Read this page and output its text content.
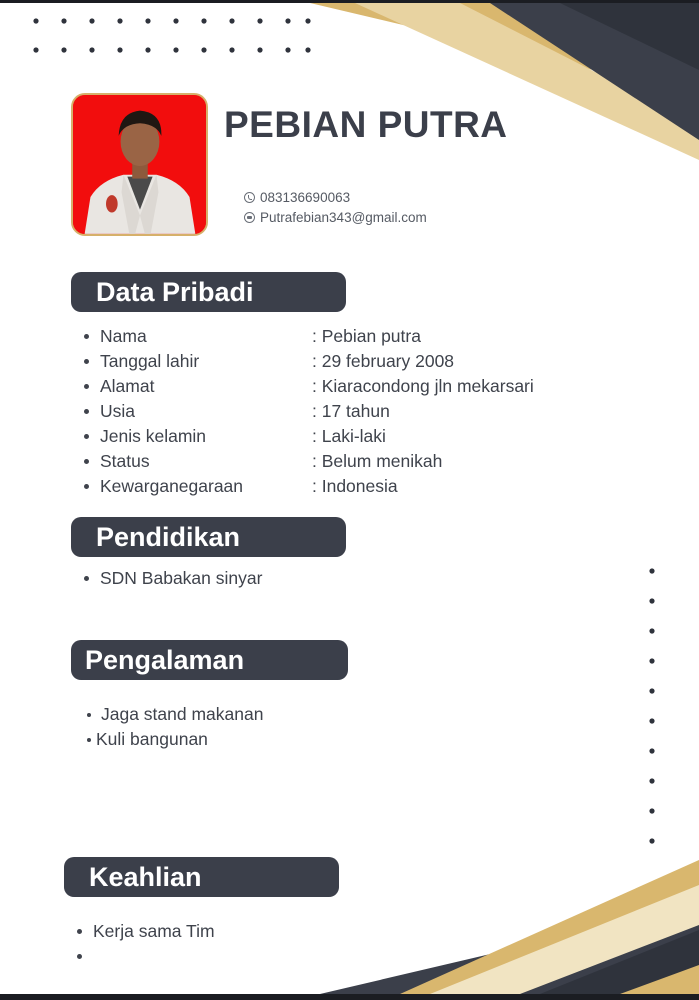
PEBIAN PUTRA
083136690063
Putrafebian343@gmail.com
Data Pribadi
Nama	: Pebian putra
Tanggal lahir	: 29 february 2008
Alamat	: Kiaracondong jln mekarsari
Usia	: 17 tahun
Jenis kelamin	: Laki-laki
Status	: Belum menikah
Kewarganegaraan	: Indonesia
Pendidikan
SDN Babakan sinyar
Pengalaman
Jaga stand makanan
Kuli bangunan
Keahlian
Kerja sama Tim
